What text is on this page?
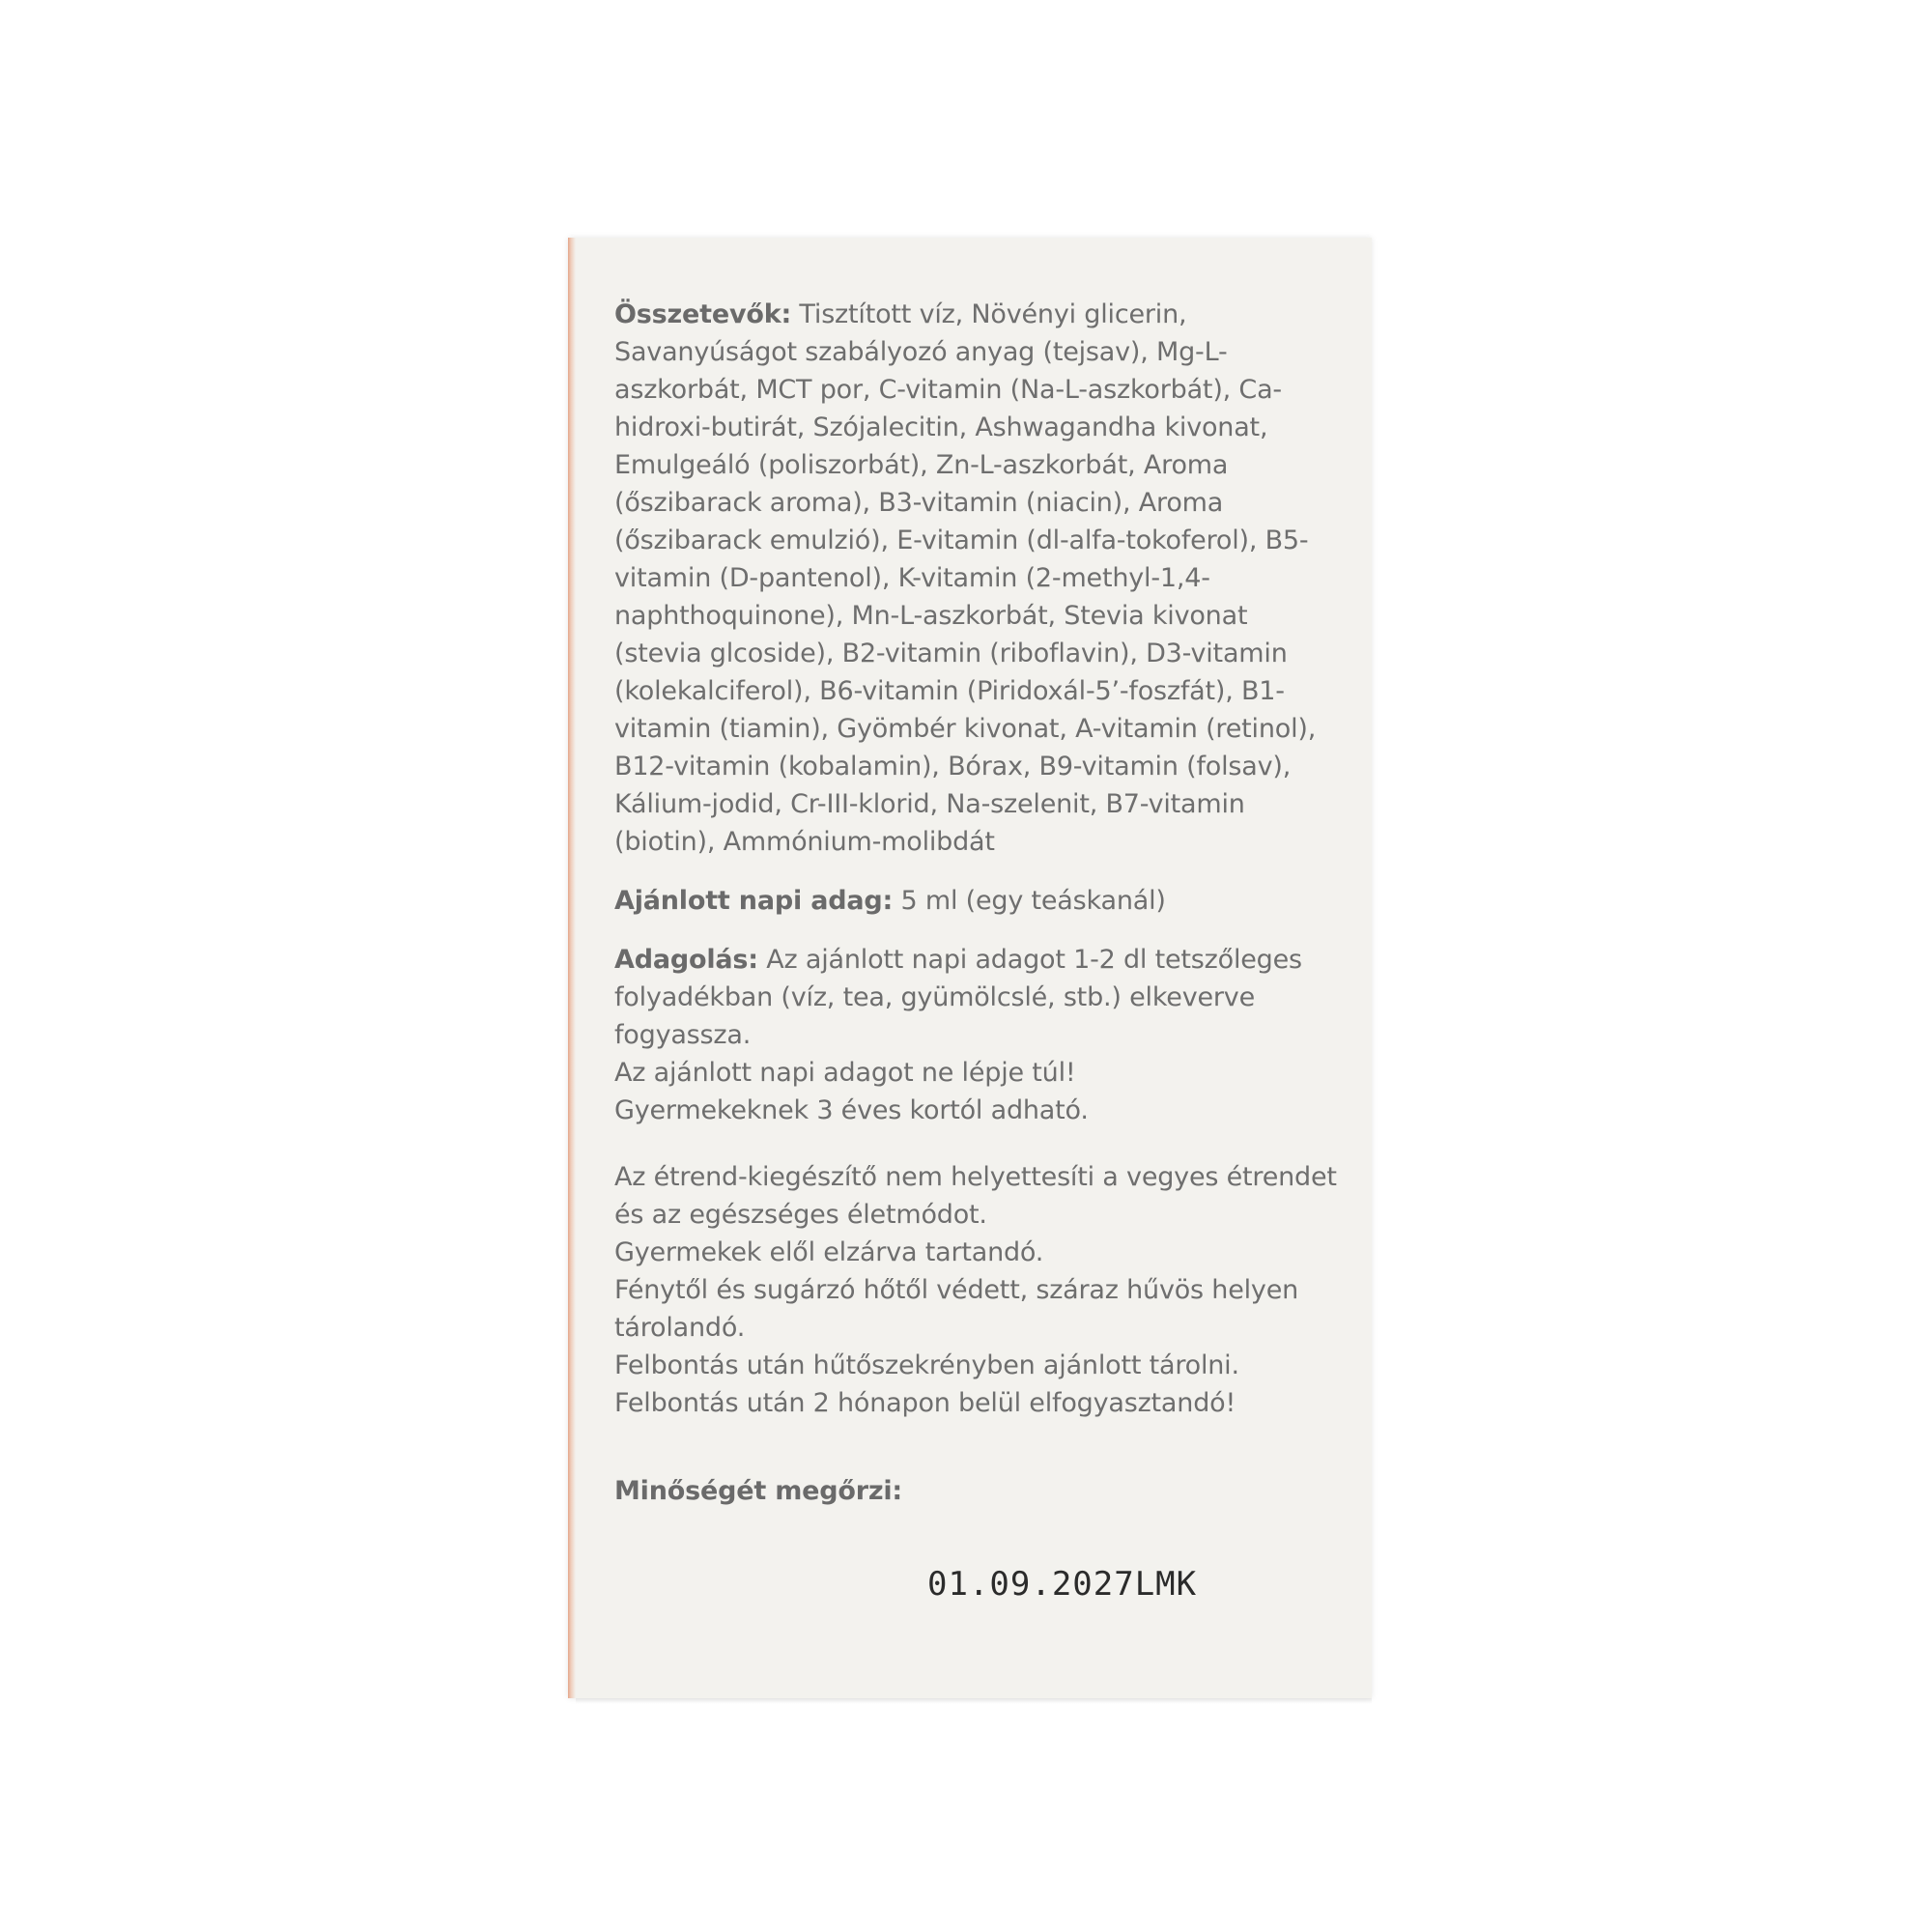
Összetevők: Tisztított víz, Növényi glicerin, Savanyúságot szabályozó anyag (tejsav), Mg-L-aszkorbát, MCT por, C-vitamin (Na-L-aszkorbát), Ca-hidroxi-butirát, Szójalecitin, Ashwagandha kivonat, Emulgeáló (poliszorbát), Zn-L-aszkorbát, Aroma (őszibarack aroma), B3-vitamin (niacin), Aroma (őszibarack emulzió), E-vitamin (dl-alfa-tokoferol), B5-vitamin (D-pantenol), K-vitamin (2-methyl-1,4-naphthoquinone), Mn-L-aszkorbát, Stevia kivonat (stevia glcoside), B2-vitamin (riboflavin), D3-vitamin (kolekalciferol), B6-vitamin (Piridoxál-5’-foszfát), B1-vitamin (tiamin), Gyömbér kivonat, A-vitamin (retinol), B12-vitamin (kobalamin), Bórax, B9-vitamin (folsav), Kálium-jodid, Cr-III-klorid, Na-szelenit, B7-vitamin (biotin), Ammónium-molibdát

Ajánlott napi adag: 5 ml (egy teáskanál)

Adagolás: Az ajánlott napi adagot 1-2 dl tetszőleges folyadékban (víz, tea, gyümölcslé, stb.) elkeverve fogyassza.

Az ajánlott napi adagot ne lépje túl!

Gyermekeknek 3 éves kortól adható.

Az étrend-kiegészítő nem helyettesíti a vegyes étrendet és az egészséges életmódot.

Gyermekek elől elzárva tartandó.

Fénytől és sugárzó hőtől védett, száraz hűvös helyen tárolandó.

Felbontás után hűtőszekrényben ajánlott tárolni.

Felbontás után 2 hónapon belül elfogyasztandó!

Minőségét megőrzi:

01.09.2027LMK
